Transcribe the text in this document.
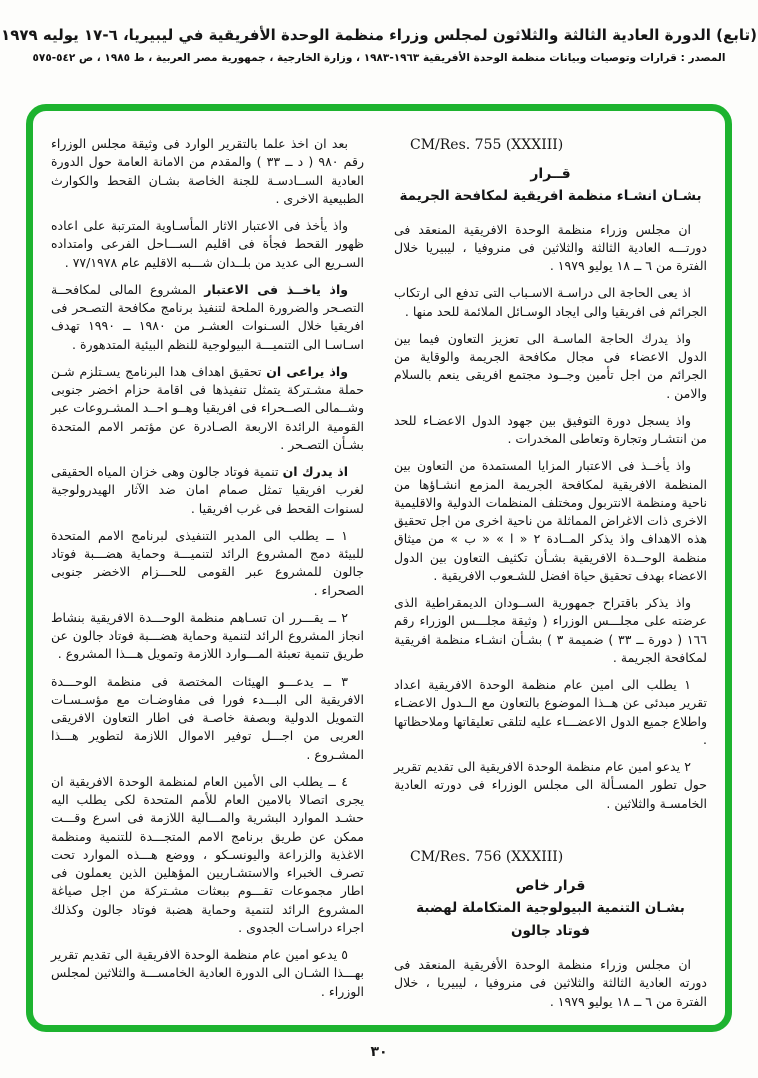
(تابع) الدورة العادية الثالثة والثلاثون لمجلس وزراء منظمة الوحدة الأفريقية في ليبيريا، ٦-١٧ يوليه ١٩٧٩
المصدر : قرارات وتوصيات وبيانات منظمة الوحدة الأفريقية ١٩٦٣-١٩٨٣ ، وزارة الخارجية ، جمهورية مصر العربية ، ط ١٩٨٥ ، ص ٥٤٢-٥٧٥

CM/Res. 755 (XXXIII)

قــرار

بشـان انشـاء منظمة افريقية لمكافحة الجريمة

ان مجلس وزراء منظمة الوحدة الافريقية المنعقد فى دورتـــه العادية الثالثة والثلاثين فى منروفيا ، ليبيريا خلال الفترة من ٦ ــ ١٨ يوليو ١٩٧٩ .

اذ يعى الحاجة الى دراسـة الاسـباب التى تدفع الى ارتكاب الجرائم فى افريقيا والى ايجاد الوسـائل الملائمة للحد منها .

واذ يدرك الحاجة الماسـة الى تعزيز التعاون فيما بين الدول الاعضاء فى مجال مكافحة الجريمة والوقاية من الجرائم من اجل تأمين وجــود مجتمع افريقى ينعم بالسلام والامن .

واذ يسجل دورة التوفيق بين جهود الدول الاعضـاء للحد من انتشـار وتجارة وتعاطى المخدرات .

واذ يأخــذ فى الاعتبار المزايا المستمدة من التعاون بين المنظمة الافريقية لمكافحة الجريمة المزمع انشـاؤها من ناحية ومنظمة الانتربول ومختلف المنظمات الدولية والاقليمية الاخرى ذات الاغراض المماثلة من ناحية اخرى من اجل تحقيق هذه الاهداف واذ يذكر المــادة ٢ « ا » « ب » من ميثاق منظمة الوحــدة الافريقية بشـأن تكثيف التعاون بين الدول الاعضاء بهدف تحقيق حياة افضل للشـعوب الافريقية .

واذ يذكر باقتراح جمهورية الســودان الديمقراطية الذى عرضته على مجلـــس الوزراء ( وثيقة مجلـــس الوزراء رقم ١٦٦ ( دورة ــ ٣٣ ) ضميمة ٣ ) بشـأن انشـاء منظمة افريقية لمكافحة الجريمة .

١ يطلب الى امين عام منظمة الوحدة الافريقية اعداد تقرير مبدئى عن هــذا الموضوع بالتعاون مع الــدول الاعضـاء واطلاع جميع الدول الاعضـــاء عليه لتلقى تعليقاتها وملاحظاتها .

٢ يدعو امين عام منظمة الوحدة الافريقية الى تقديم تقرير حول تطور المسـألة الى مجلس الوزراء فى دورته العادية الخامسـة والثلاثين .

CM/Res. 756 (XXXIII)

قرار خاص

بشـان التنمية البيولوجية المتكاملة لهضبة

فوتاد جالون

ان مجلس وزراء منظمة الوحدة الأفريقية المنعقد فى دورته العادية الثالثة والثلاثين فى منروفيا ، ليبيريا ، خلال الفترة من ٦ ــ ١٨ يوليو ١٩٧٩ .

بعد ان اخذ علما بالتقرير الوارد فى وثيقة مجلس الوزراء رقم ٩٨٠ ( د ــ ٣٣ ) والمقدم من الامانة العامة حول الدورة العادية الســادسـة للجنة الخاصة بشـان القحط والكوارث الطبيعية الاخرى .

واذ يأخذ فى الاعتبار الاثار المأسـاوية المترتبة على اعاده ظهور القحط فجأة فى اقليم الســـاحل الفرعى وامتداده السـريع الى عديد من بلــدان شـــبه الاقليم عام ٧٧/١٩٧٨ .

واذ ياخــذ فى الاعتبار المشروع المالى لمكافحــة التصـحر والضرورة الملحة لتنفيذ برنامج مكافحة التصـحر فى افريقيا خلال السـنوات العشـر من ١٩٨٠ ــ ١٩٩٠ تهدف اسـاسـا الى التنميـــة البيولوجية للنظم البيئية المتدهورة .

واذ يراعى ان تحقيق اهداف هدا البرنامج يسـتلزم شـن حملة مشـتركة يتمثل تنفيذها فى اقامة حزام اخضر جنوبى وشــمالى الصــحراء فى افريقيا وهــو احــد المشـروعات عبر القومية الرائدة الاربعة الصـادرة عن مؤتمر الامم المتحدة بشـأن التصـحر .

اذ يدرك ان تنمية فوتاد جالون وهى خزان المياه الحقيقى لغرب افريقيا تمثل صمام امان ضد الآثار الهيدرولوجية لسنوات القحط فى غرب افريقيا .

١ ــ يطلب الى المدير التنفيذى لبرنامج الامم المتحدة للبيئة دمج المشروع الرائد لتنميـــة وحماية هضـــبة فوتاد جالون للمشروع عبر القومى للحـــزام الاخضر جنوبى الصحراء .

٢ ــ يقـــرر ان تسـاهم منظمة الوحـــدة الافريقية بنشاط انجاز المشروع الرائد لتنمية وحماية هضـــبة فوتاد جالون عن طريق تنمية تعبئة المـــوارد اللازمة وتمويل هـــذا المشروع .

٣ ــ يدعـــو الهيئات المختصة فى منظمة الوحـــدة الافريقية الى البـــدء فورا فى مفاوضـات مع مؤسـسـات التمويل الدولية وبصفة خاصـة فى اطار التعاون الافريقى العربى من اجـــل توفير الاموال اللازمة لتطوير هـــذا المشـروع .

٤ ــ يطلب الى الأمين العام لمنظمة الوحدة الافريقية ان يجرى اتصالا بالامين العام للأمم المتحدة لكى يطلب اليه حشـد الموارد البشرية والمـــالية اللازمة فى اسرع وقـــت ممكن عن طريق برنامج الامم المتجـــدة للتنمية ومنظمة الاغذية والزراعة واليونسـكو ، ووضع هـــذه الموارد تحت تصرف الخبراء والاستشـاريين المؤهلين الذين يعملون فى اطار مجموعات تقـــوم ببعثات مشـتركة من اجل صياغة المشروع الرائد لتنمية وحماية هضبة فوتاد جالون وكذلك اجراء دراسـات الجدوى .

٥ يدعو امين عام منظمة الوحدة الافريقية الى تقديم تقرير بهـــذا الشـان الى الدورة العادية الخامســـة والثلاثين لمجلس الوزراء .

٣٠
